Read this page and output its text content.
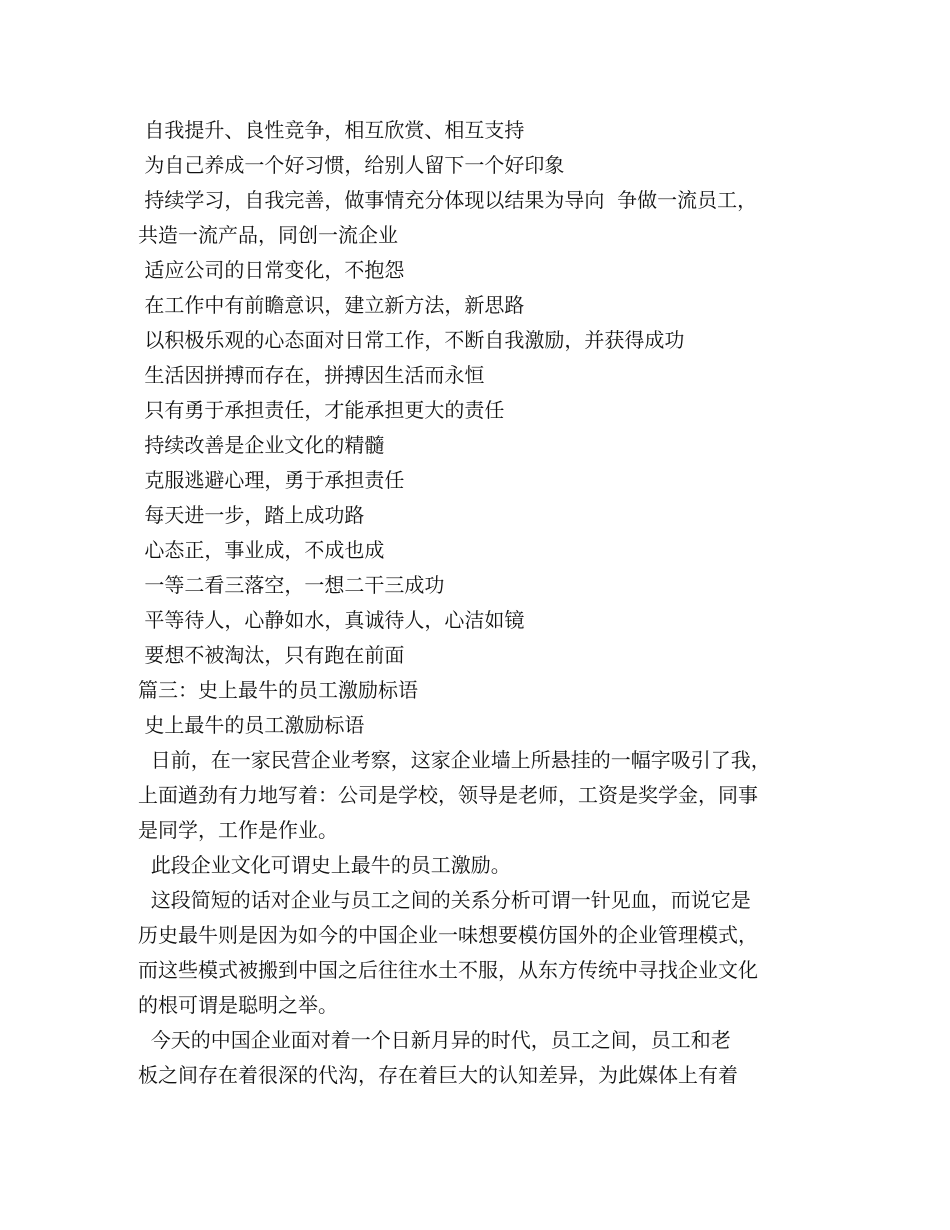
自我提升、良性竞争，相互欣赏、相互支持
为自己养成一个好习惯，给别人留下一个好印象
持续学习，自我完善，做事情充分体现以结果为导向  争做一流员工，
共造一流产品，同创一流企业
适应公司的日常变化，不抱怨
在工作中有前瞻意识，建立新方法，新思路
以积极乐观的心态面对日常工作，不断自我激励，并获得成功
生活因拼搏而存在，拼搏因生活而永恒
只有勇于承担责任，才能承担更大的责任
持续改善是企业文化的精髓
克服逃避心理，勇于承担责任
每天进一步，踏上成功路
心态正，事业成，不成也成
一等二看三落空，一想二干三成功
平等待人，心静如水，真诚待人，心洁如镜
要想不被淘汰，只有跑在前面
篇三：史上最牛的员工激励标语
史上最牛的员工激励标语
日前，在一家民营企业考察，这家企业墙上所悬挂的一幅字吸引了我，
上面遒劲有力地写着：公司是学校，领导是老师，工资是奖学金，同事
是同学，工作是作业。
此段企业文化可谓史上最牛的员工激励。
这段简短的话对企业与员工之间的关系分析可谓一针见血，而说它是
历史最牛则是因为如今的中国企业一味想要模仿国外的企业管理模式，
而这些模式被搬到中国之后往往水土不服，从东方传统中寻找企业文化
的根可谓是聪明之举。
今天的中国企业面对着一个日新月异的时代，员工之间，员工和老
板之间存在着很深的代沟，存在着巨大的认知差异，为此媒体上有着
